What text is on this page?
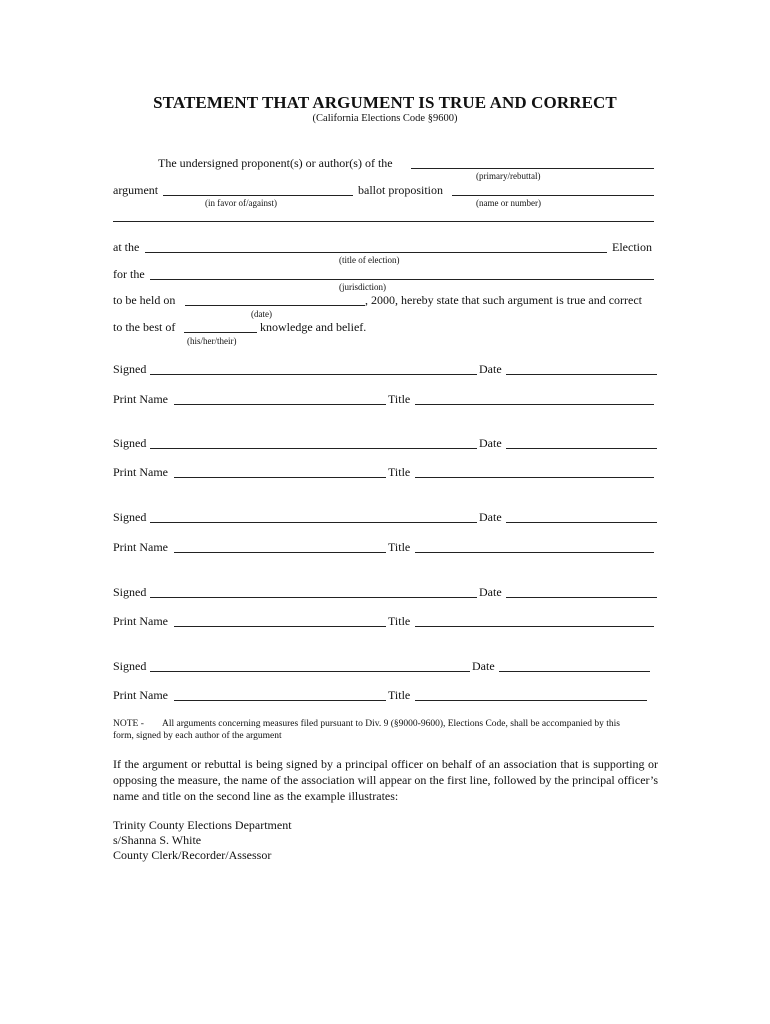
STATEMENT THAT ARGUMENT IS TRUE AND CORRECT
(California Elections Code §9600)
The undersigned proponent(s) or author(s) of the
(primary/rebuttal)
argument	ballot proposition
(in favor of/against)	(name or number)
at the	Election
(title of election)
for the
(jurisdiction)
to be held on	, 2000, hereby state that such argument is true and correct
(date)
to the best of	knowledge and belief.
(his/her/their)
Signed	Date
Print Name	Title
Signed	Date
Print Name	Title
Signed	Date
Print Name	Title
Signed	Date
Print Name	Title
Signed	Date
Print Name	Title
NOTE - All arguments concerning measures filed pursuant to Div. 9 (§9000-9600), Elections Code, shall be accompanied by this
form, signed by each author of the argument
If the argument or rebuttal is being signed by a principal officer on behalf of an association that is supporting or opposing the measure, the name of the association will appear on the first line, followed by the principal officer’s name and title on the second line as the example illustrates:
Trinity County Elections Department
s/Shanna S. White
County Clerk/Recorder/Assessor
